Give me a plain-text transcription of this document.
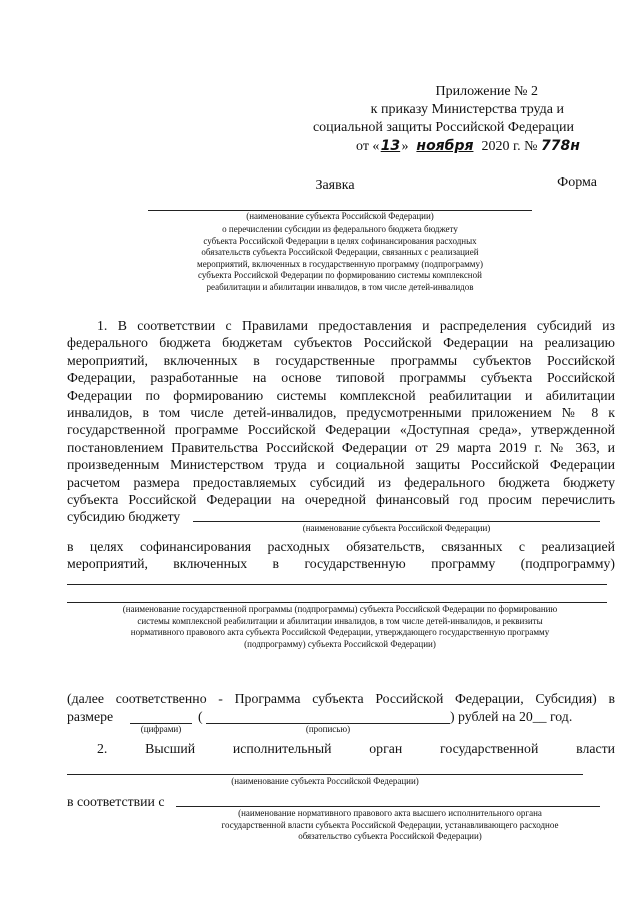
Приложение № 2
к приказу Министерства труда и
социальной защиты Российской Федерации
от «13» ноября 2020 г. № 778н
Форма
Заявка
(наименование субъекта Российской Федерации)
о перечислении субсидии из федерального бюджета бюджету
субъекта Российской Федерации в целях софинансирования расходных
обязательств субъекта Российской Федерации, связанных с реализацией
мероприятий, включенных в государственную программу (подпрограмму)
субъекта Российской Федерации по формированию системы комплексной
реабилитации и абилитации инвалидов, в том числе детей-инвалидов
1. В соответствии с Правилами предоставления и распределения субсидий из
федерального бюджета бюджетам субъектов Российской Федерации на реализацию
мероприятий, включенных в государственные программы субъектов Российской
Федерации, разработанные на основе типовой программы субъекта Российской
Федерации по формированию системы комплексной реабилитации и абилитации
инвалидов, в том числе детей-инвалидов, предусмотренными приложением № 8 к
государственной программе Российской Федерации «Доступная среда», утвержденной
постановлением Правительства Российской Федерации от 29 марта 2019 г. № 363, и
произведенным Министерством труда и социальной защиты Российской Федерации
расчетом размера предоставляемых субсидий из федерального бюджета бюджету
субъекта Российской Федерации на очередной финансовый год просим перечислить
субсидию бюджету
(наименование субъекта Российской Федерации)
в целях софинансирования расходных обязательств, связанных с реализацией
мероприятий, включенных в государственную программу (подпрограмму)
(наименование государственной программы (подпрограммы) субъекта Российской Федерации по формированию
системы комплексной реабилитации и абилитации инвалидов, в том числе детей-инвалидов, и реквизиты
нормативного правового акта субъекта Российской Федерации, утверждающего государственную программу
(подпрограмму) субъекта Российской Федерации)
(далее соответственно - Программа субъекта Российской Федерации, Субсидия) в
размере	(	) рублей на 20__ год.
(цифрами)	(прописью)
2. Высший исполнительный орган государственной власти
(наименование субъекта Российской Федерации)
в соответствии с
(наименование нормативного правового акта высшего исполнительного органа
государственной власти субъекта Российской Федерации, устанавливающего расходное
обязательство субъекта Российской Федерации)
